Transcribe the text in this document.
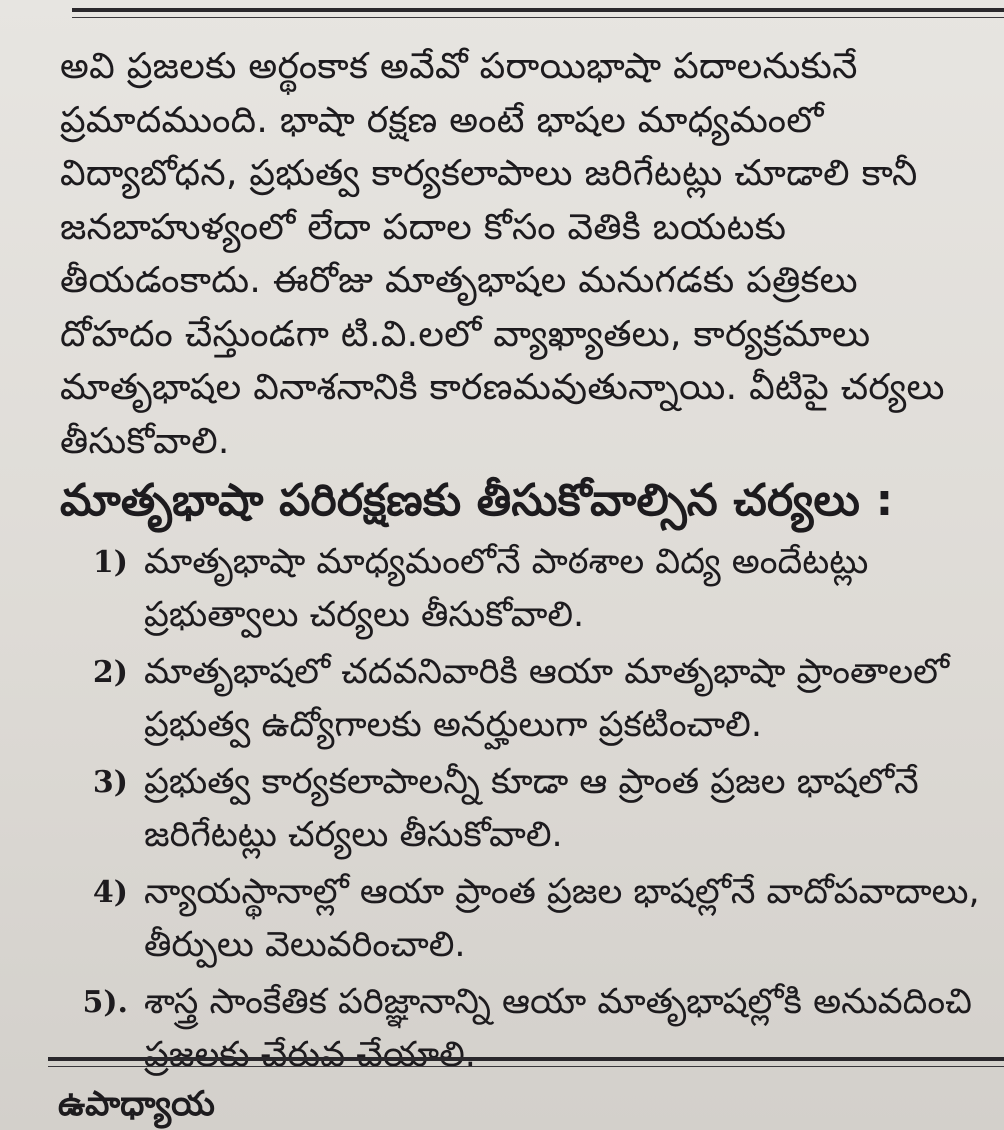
అవి ప్రజలకు అర్థంకాక అవేవో పరాయిభాషా పదాలనుకునే ప్రమాదముంది. భాషా రక్షణ అంటే భాషల మాధ్యమంలో విద్యాబోధన, ప్రభుత్వ కార్యకలాపాలు జరిగేటట్లు చూడాలి కానీ జనబాహుళ్యంలో లేదా పదాల కోసం వెతికి బయటకు తీయడంకాదు. ఈరోజు మాతృభాషల మనుగడకు పత్రికలు దోహదం చేస్తుండగా టి.వి.లలో వ్యాఖ్యాతలు, కార్యక్రమాలు మాతృభాషల వినాశనానికి కారణమవుతున్నాయి. వీటిపై చర్యలు తీసుకోవాలి.

మాతృభాషా పరిరక్షణకు తీసుకోవాల్సిన చర్యలు :
1) మాతృభాషా మాధ్యమంలోనే పాఠశాల విద్య అందేటట్లు ప్రభుత్వాలు చర్యలు తీసుకోవాలి.
2) మాతృభాషలో చదవనివారికి ఆయా మాతృభాషా ప్రాంతాలలో ప్రభుత్వ ఉద్యోగాలకు అనర్హులుగా ప్రకటించాలి.
3) ప్రభుత్వ కార్యకలాపాలన్నీ కూడా ఆ ప్రాంత ప్రజల భాషలోనే జరిగేటట్లు చర్యలు తీసుకోవాలి.
4) న్యాయస్థానాల్లో ఆయా ప్రాంత ప్రజల భాషల్లోనే వాదోపవాదాలు, తీర్పులు వెలువరించాలి.
5). శాస్త్ర సాంకేతిక పరిజ్ఞానాన్ని ఆయా మాతృభాషల్లోకి అనువదించి ప్రజలకు చేరువ చేయాలి.
ఉపాధ్యాయ
